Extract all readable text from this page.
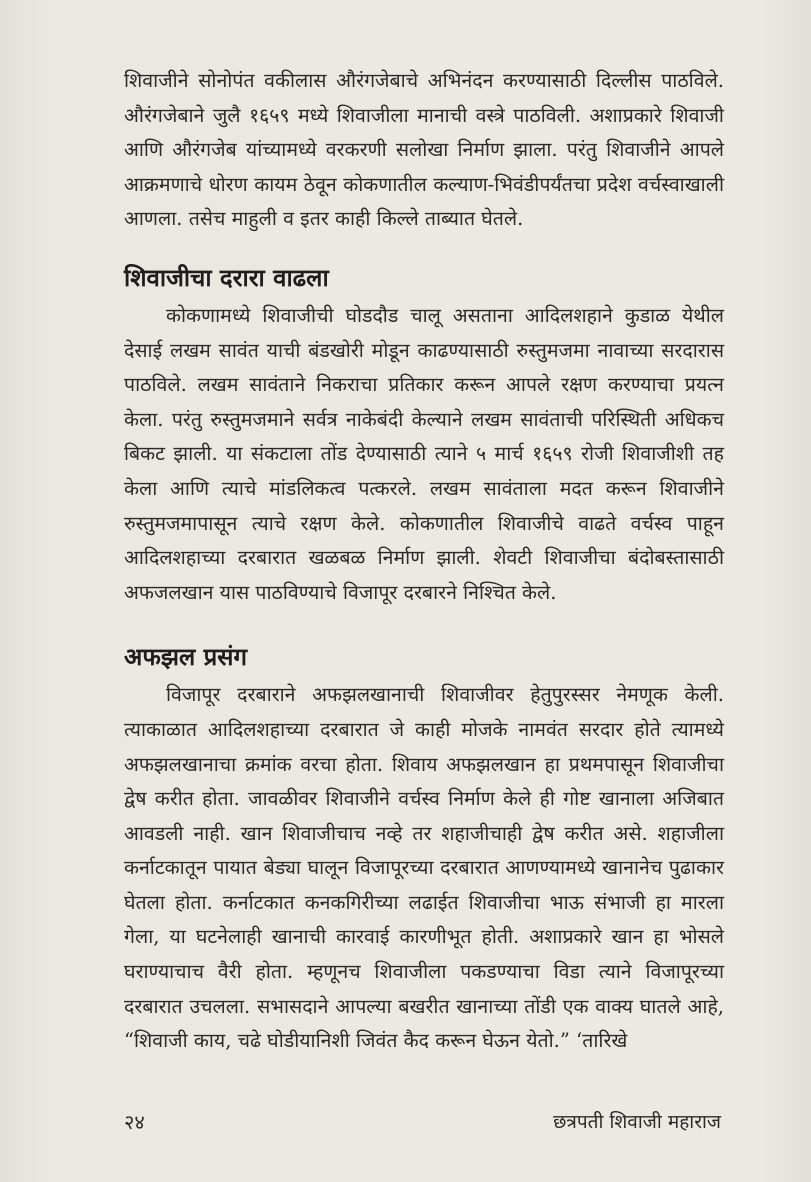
शिवाजीने सोनोपंत वकीलास औरंगजेबाचे अभिनंदन करण्यासाठी दिल्लीस पाठविले. औरंगजेबाने जुलै १६५९ मध्ये शिवाजीला मानाची वस्त्रे पाठविली. अशाप्रकारे शिवाजी आणि औरंगजेब यांच्यामध्ये वरकरणी सलोखा निर्माण झाला. परंतु शिवाजीने आपले आक्रमणाचे धोरण कायम ठेवून कोकणातील कल्याण-भिवंडीपर्यंतचा प्रदेश वर्चस्वाखाली आणला. तसेच माहुली व इतर काही किल्ले ताब्यात घेतले.

शिवाजीचा दरारा वाढला

कोकणामध्ये शिवाजीची घोडदौड चालू असताना आदिलशहाने कुडाळ येथील देसाई लखम सावंत याची बंडखोरी मोडून काढण्यासाठी रुस्तुमजमा नावाच्या सरदारास पाठविले. लखम सावंताने निकराचा प्रतिकार करून आपले रक्षण करण्याचा प्रयत्न केला. परंतु रुस्तुमजमाने सर्वत्र नाकेबंदी केल्याने लखम सावंताची परिस्थिती अधिकच बिकट झाली. या संकटाला तोंड देण्यासाठी त्याने ५ मार्च १६५९ रोजी शिवाजीशी तह केला आणि त्याचे मांडलिकत्व पत्करले. लखम सावंताला मदत करून शिवाजीने रुस्तुमजमापासून त्याचे रक्षण केले. कोकणातील शिवाजीचे वाढते वर्चस्व पाहून आदिलशहाच्या दरबारात खळबळ निर्माण झाली. शेवटी शिवाजीचा बंदोबस्तासाठी अफजलखान यास पाठविण्याचे विजापूर दरबारने निश्चित केले.

अफझल प्रसंग

विजापूर दरबाराने अफझलखानाची शिवाजीवर हेतुपुरस्सर नेमणूक केली. त्याकाळात आदिलशहाच्या दरबारात जे काही मोजके नामवंत सरदार होते त्यामध्ये अफझलखानाचा क्रमांक वरचा होता. शिवाय अफझलखान हा प्रथमपासून शिवाजीचा द्वेष करीत होता. जावळीवर शिवाजीने वर्चस्व निर्माण केले ही गोष्ट खानाला अजिबात आवडली नाही. खान शिवाजीचाच नव्हे तर शहाजीचाही द्वेष करीत असे. शहाजीला कर्नाटकातून पायात बेड्या घालून विजापूरच्या दरबारात आणण्यामध्ये खानानेच पुढाकार घेतला होता. कर्नाटकात कनकगिरीच्या लढाईत शिवाजीचा भाऊ संभाजी हा मारला गेला, या घटनेलाही खानाची कारवाई कारणीभूत होती. अशाप्रकारे खान हा भोसले घराण्याचाच वैरी होता. म्हणूनच शिवाजीला पकडण्याचा विडा त्याने विजापूरच्या दरबारात उचलला. सभासदाने आपल्या बखरीत खानाच्या तोंडी एक वाक्य घातले आहे, “शिवाजी काय, चढे घोडीयानिशी जिवंत कैद करून घेऊन येतो.” ‘तारिखे

२४	छत्रपती शिवाजी महाराज
